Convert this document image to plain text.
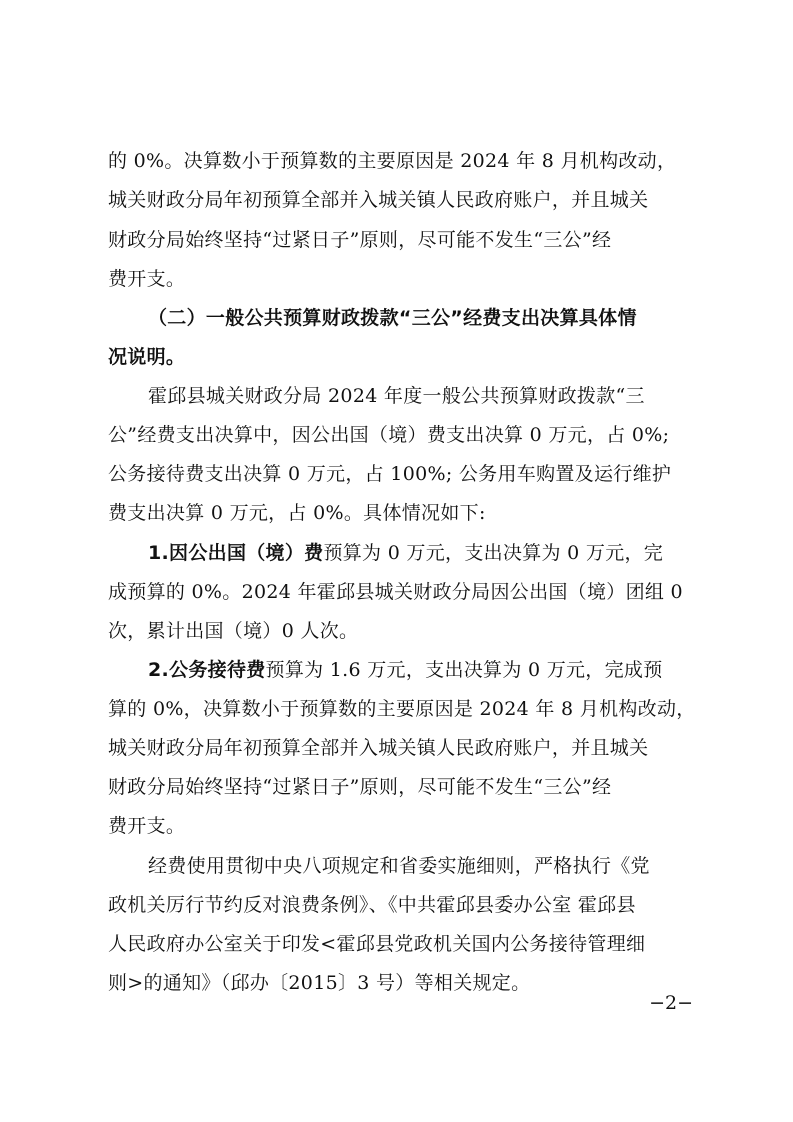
的 0%。决算数小于预算数的主要原因是 2024 年 8 月机构改动，

城关财政分局年初预算全部并入城关镇人民政府账户，并且城关

财政分局始终坚持“过紧日子”原则，尽可能不发生“三公”经

费开支。

（二）一般公共预算财政拨款“三公”经费支出决算具体情

况说明。

霍邱县城关财政分局 2024 年度一般公共预算财政拨款“三

公”经费支出决算中，因公出国（境）费支出决算 0 万元，占 0%;

公务接待费支出决算 0 万元，占 100%; 公务用车购置及运行维护

费支出决算 0 万元，占 0%。具体情况如下:

1.因公出国（境）费预算为 0 万元，支出决算为 0 万元，完

成预算的 0%。2024 年霍邱县城关财政分局因公出国（境）团组 0

次，累计出国（境）0 人次。

2.公务接待费预算为 1.6 万元，支出决算为 0 万元，完成预

算的 0%，决算数小于预算数的主要原因是 2024 年 8 月机构改动，

城关财政分局年初预算全部并入城关镇人民政府账户，并且城关

财政分局始终坚持“过紧日子”原则，尽可能不发生“三公”经

费开支。

经费使用贯彻中央八项规定和省委实施细则，严格执行《党

政机关厉行节约反对浪费条例》、《中共霍邱县委办公室 霍邱县

人民政府办公室关于印发<霍邱县党政机关国内公务接待管理细

则>的通知》（邱办〔2015〕3 号）等相关规定。

−2−
